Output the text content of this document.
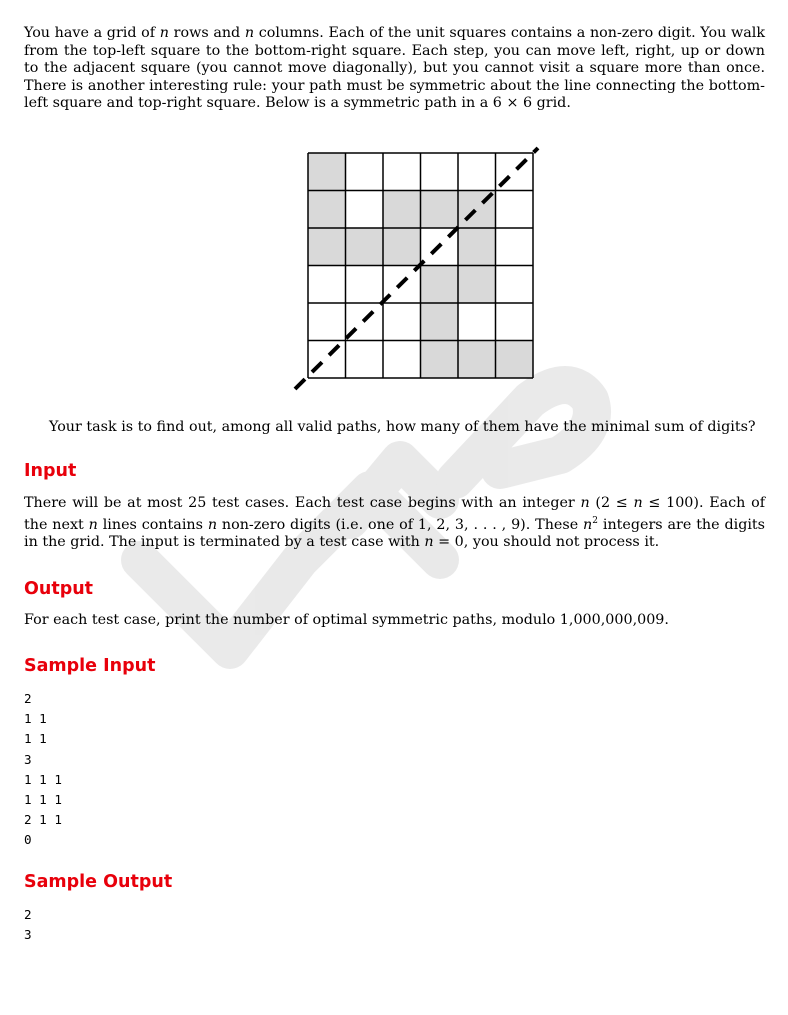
You have a grid of n rows and n columns. Each of the unit squares contains a non-zero digit. You walk from the top-left square to the bottom-right square. Each step, you can move left, right, up or down to the adjacent square (you cannot move diagonally), but you cannot visit a square more than once. There is another interesting rule: your path must be symmetric about the line connecting the bottom-left square and top-right square. Below is a symmetric path in a 6 × 6 grid.

Your task is to find out, among all valid paths, how many of them have the minimal sum of digits?

Input

There will be at most 25 test cases. Each test case begins with an integer n (2 ≤ n ≤ 100). Each of the next n lines contains n non-zero digits (i.e. one of 1, 2, 3, . . . , 9). These $n^2$ integers are the digits in the grid. The input is terminated by a test case with n = 0, you should not process it.

Output

For each test case, print the number of optimal symmetric paths, modulo 1,000,000,009.

Sample Input
2
1 1
1 1
3
1 1 1
1 1 1
2 1 1
0
Sample Output
2
3
